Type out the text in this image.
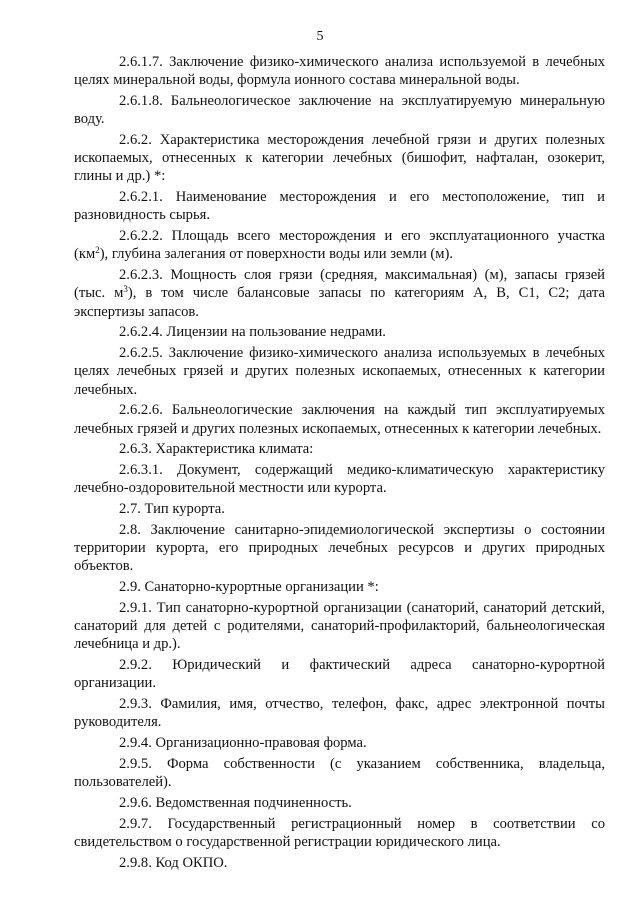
5

2.6.1.7. Заключение физико-химического анализа используемой в лечебных целях минеральной воды, формула ионного состава минеральной воды.

2.6.1.8. Бальнеологическое заключение на эксплуатируемую минеральную воду.

2.6.2. Характеристика месторождения лечебной грязи и других полезных ископаемых, отнесенных к категории лечебных (бишофит, нафталан, озокерит, глины и др.) *:

2.6.2.1. Наименование месторождения и его местоположение, тип и разновидность сырья.

2.6.2.2. Площадь всего месторождения и его эксплуатационного участка $(км^2)$, глубина залегания от поверхности воды или земли (м).

2.6.2.3. Мощность слоя грязи (средняя, максимальная) (м), запасы грязей (тыс. $м^3$), в том числе балансовые запасы по категориям А, В, С1, С2; дата экспертизы запасов.

2.6.2.4. Лицензии на пользование недрами.

2.6.2.5. Заключение физико-химического анализа используемых в лечебных целях лечебных грязей и других полезных ископаемых, отнесенных к категории лечебных.

2.6.2.6. Бальнеологические заключения на каждый тип эксплуатируемых лечебных грязей и других полезных ископаемых, отнесенных к категории лечебных.

2.6.3. Характеристика климата:

2.6.3.1. Документ, содержащий медико-климатическую характеристику лечебно-оздоровительной местности или курорта.

2.7. Тип курорта.

2.8. Заключение санитарно-эпидемиологической экспертизы о состоянии территории курорта, его природных лечебных ресурсов и других природных объектов.

2.9. Санаторно-курортные организации *:

2.9.1. Тип санаторно-курортной организации (санаторий, санаторий детский, санаторий для детей с родителями, санаторий-профилакторий, бальнеологическая лечебница и др.).

2.9.2. Юридический и фактический адреса санаторно-курортной организации.

2.9.3. Фамилия, имя, отчество, телефон, факс, адрес электронной почты руководителя.

2.9.4. Организационно-правовая форма.

2.9.5. Форма собственности (с указанием собственника, владельца, пользователей).

2.9.6. Ведомственная подчиненность.

2.9.7. Государственный регистрационный номер в соответствии со свидетельством о государственной регистрации юридического лица.

2.9.8. Код ОКПО.
